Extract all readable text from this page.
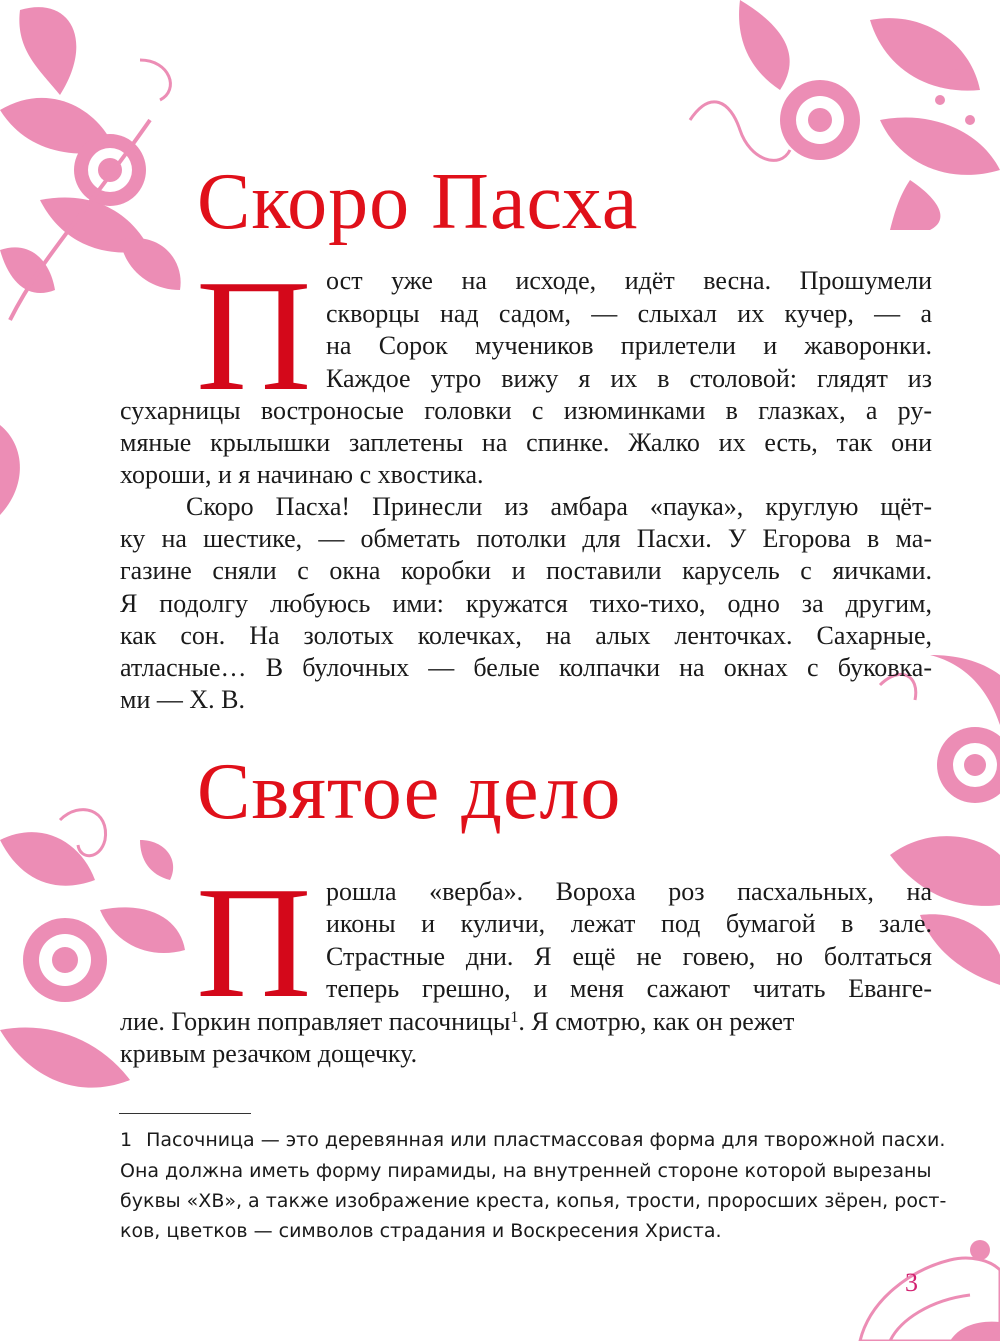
Скоро Пасха
П ост уже на исходе, идёт весна. Прошумели

скворцы над садом, — слыхал их кучер, — а

на Сорок мучеников прилетели и жаворонки.

Каждое утро вижу я их в столовой: глядят из

сухарницы востроносые головки с изюминками в глазках, а ру-

мяные крылышки заплетены на спинке. Жалко их есть, так они

хороши, и я начинаю с хвостика.

Скоро Пасха! Принесли из амбара «паука», круглую щёт-

ку на шестике, — обметать потолки для Пасхи. У Егорова в ма-

газине сняли с окна коробки и поставили карусель с яичками.

Я подолгу любуюсь ими: кружатся тихо-тихо, одно за другим,

как сон. На золотых колечках, на алых ленточках. Сахарные,

атласные… В булочных — белые колпачки на окнах с буковка-

ми — Х. В.

Святое дело
П рошла «верба». Вороха роз пасхальных, на

иконы и куличи, лежат под бумагой в зале.

Страстные дни. Я ещё не говею, но болтаться

теперь грешно, и меня сажают читать Еванге-

лие. Горкин поправляет пасочницы$^1$. Я смотрю, как он режет

кривым резачком дощечку.

1 Пасочница — это деревянная или пластмассовая форма для творожной пасхи.

Она должна иметь форму пирамиды, на внутренней стороне которой вырезаны

буквы «ХВ», а также изображение креста, копья, трости, проросших зёрен, рост-

ков, цветков — символов страдания и Воскресения Христа.

3
